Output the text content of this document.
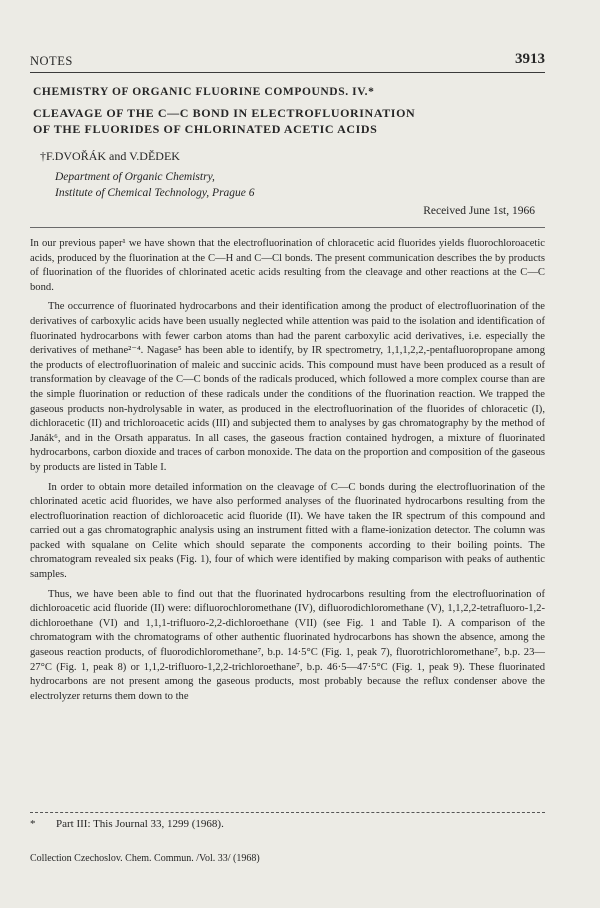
NOTES	3913
CHEMISTRY OF ORGANIC FLUORINE COMPOUNDS. IV.*
CLEAVAGE OF THE C—C BOND IN ELECTROFLUORINATION
OF THE FLUORIDES OF CHLORINATED ACETIC ACIDS
†F.DVOŘÁK and V.DĚDEK
Department of Organic Chemistry,
Institute of Chemical Technology, Prague 6
Received June 1st, 1966

In our previous paper¹ we have shown that the electrofluorination of chloracetic acid fluorides yields fluorochloroacetic acids, produced by the fluorination at the C—H and C—Cl bonds. The present communication describes the by products of fluorination of the fluorides of chlorinated acetic acids resulting from the cleavage and other reactions at the C—C bond.

The occurrence of fluorinated hydrocarbons and their identification among the product of electrofluorination of the derivatives of carboxylic acids have been usually neglected while attention was paid to the isolation and identification of fluorinated hydrocarbons with fewer carbon atoms than had the parent carboxylic acid derivatives, i.e. especially the derivatives of methane²⁻⁴. Nagase⁵ has been able to identify, by IR spectrometry, 1,1,1,2,2,-pentafluoropropane among the products of electrofluorination of maleic and succinic acids. This compound must have been produced as a result of transformation by cleavage of the C—C bonds of the radicals produced, which followed a more complex course than are the simple fluorination or reduction of these radicals under the conditions of the fluorination reaction. We trapped the gaseous products non-hydrolysable in water, as produced in the electrofluorination of the fluorides of chloracetic (I), dichloracetic (II) and trichloroacetic acids (III) and subjected them to analyses by gas chromatography by the method of Janák⁶, and in the Orsath apparatus. In all cases, the gaseous fraction contained hydrogen, a mixture of fluorinated hydrocarbons, carbon dioxide and traces of carbon monoxide. The data on the proportion and composition of the gaseous by products are listed in Table I.

In order to obtain more detailed information on the cleavage of C—C bonds during the electrofluorination of the chlorinated acetic acid fluorides, we have also performed analyses of the fluorinated hydrocarbons resulting from the electrofluorination reaction of dichloroacetic acid fluoride (II). We have taken the IR spectrum of this compound and carried out a gas chromatographic analysis using an instrument fitted with a flame-ionization detector. The column was packed with squalane on Celite which should separate the components according to their boiling points. The chromatogram revealed six peaks (Fig. 1), four of which were identified by making comparison with peaks of authentic samples.

Thus, we have been able to find out that the fluorinated hydrocarbons resulting from the electrofluorination of dichloroacetic acid fluoride (II) were: difluorochloromethane (IV), difluorodichloromethane (V), 1,1,2,2-tetrafluoro-1,2-dichloroethane (VI) and 1,1,1-trifluoro-2,2-dichloroethane (VII) (see Fig. 1 and Table I). A comparison of the chromatogram with the chromatograms of other authentic fluorinated hydrocarbons has shown the absence, among the gaseous reaction products, of fluorodichloromethane⁷, b.p. 14·5°C (Fig. 1, peak 7), fluorotrichloromethane⁷, b.p. 23—27°C (Fig. 1, peak 8) or 1,1,2-trifluoro-1,2,2-trichloroethane⁷, b.p. 46·5—47·5°C (Fig. 1, peak 9). These fluorinated hydrocarbons are not present among the gaseous products, most probably because the reflux condenser above the electrolyzer returns them down to the

* Part III: This Journal 33, 1299 (1968).
Collection Czechoslov. Chem. Commun. /Vol. 33/ (1968)
